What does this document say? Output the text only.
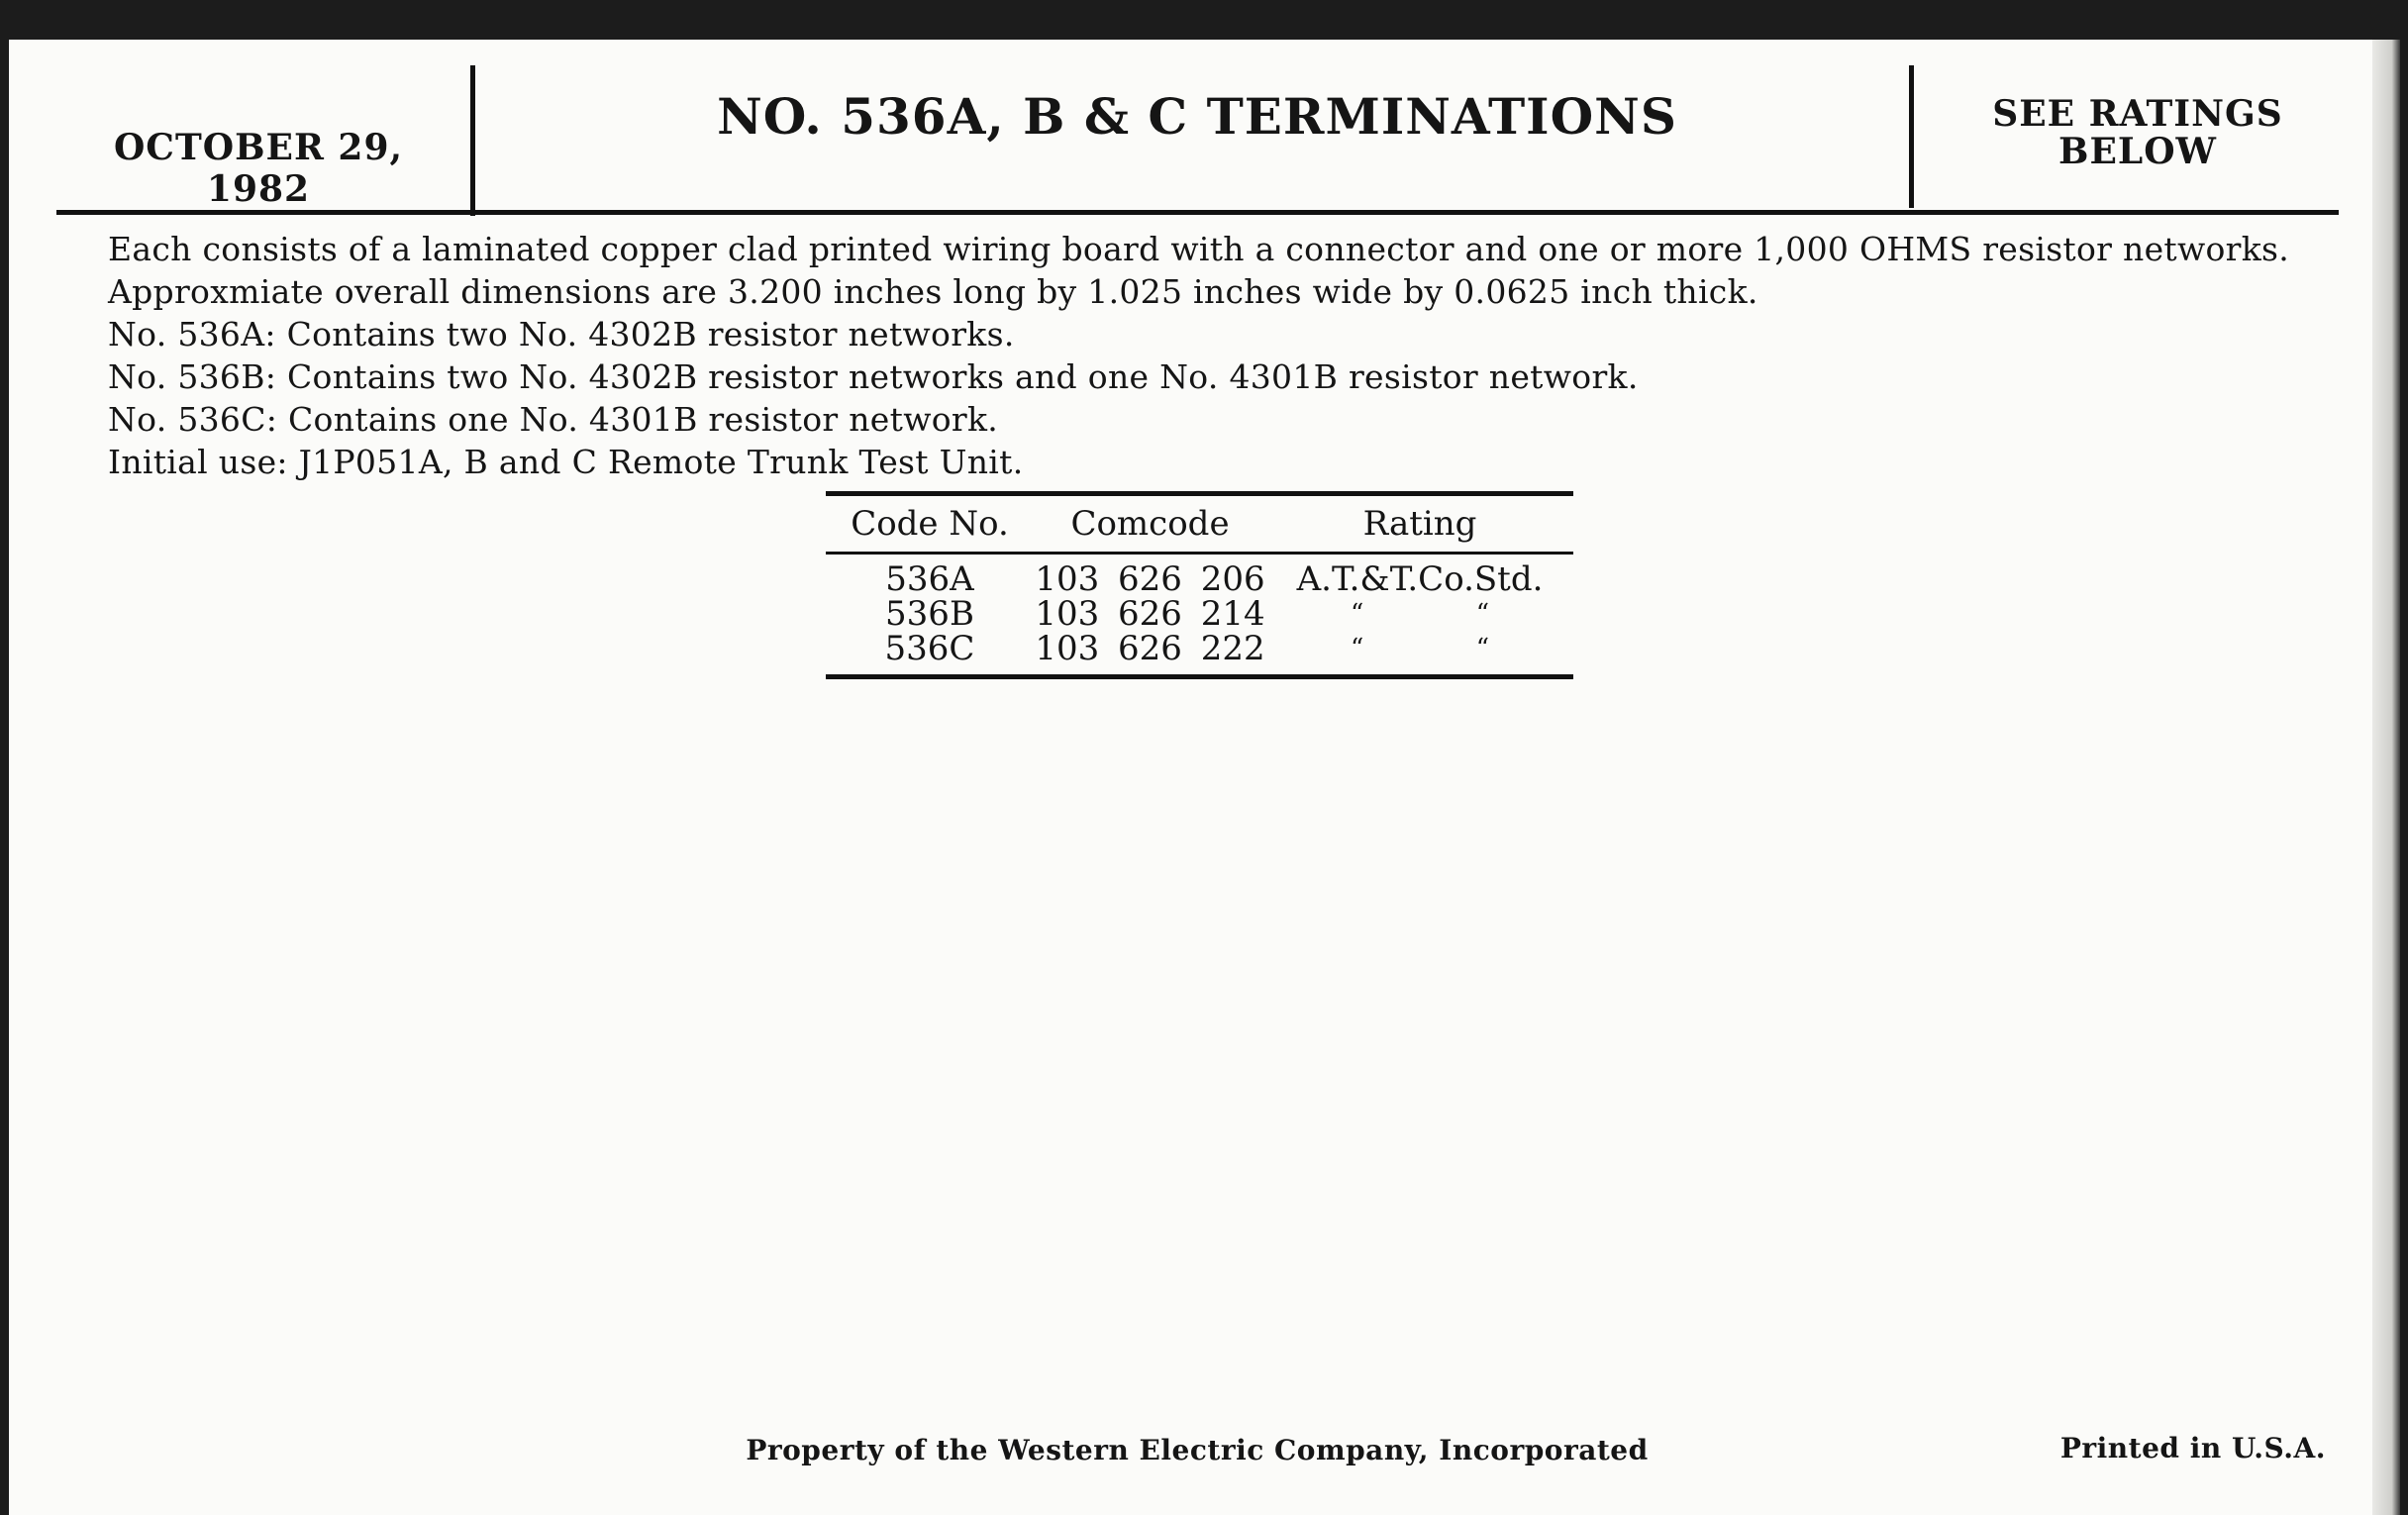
OCTOBER 29, 1982
NO. 536A, B & C TERMINATIONS	SEE RATINGS
BELOW
Each consists of a laminated copper clad printed wiring board with a connector and one or more 1,000 OHMS resistor networks.
Approxmiate overall dimensions are 3.200 inches long by 1.025 inches wide by 0.0625 inch thick.
No. 536A: Contains two No. 4302B resistor networks.
No. 536B: Contains two No. 4302B resistor networks and one No. 4301B resistor network.
No. 536C: Contains one No. 4301B resistor network.
Initial use: J1P051A, B and C Remote Trunk Test Unit.
Code No.	Comcode	Rating
536A	103 626 206 A.T.&T.Co.Std.
536B	103 626 214	“	“
536C	103 626 222	“	“
Property of the Western Electric Company, Incorporated	Printed in U.S.A.
